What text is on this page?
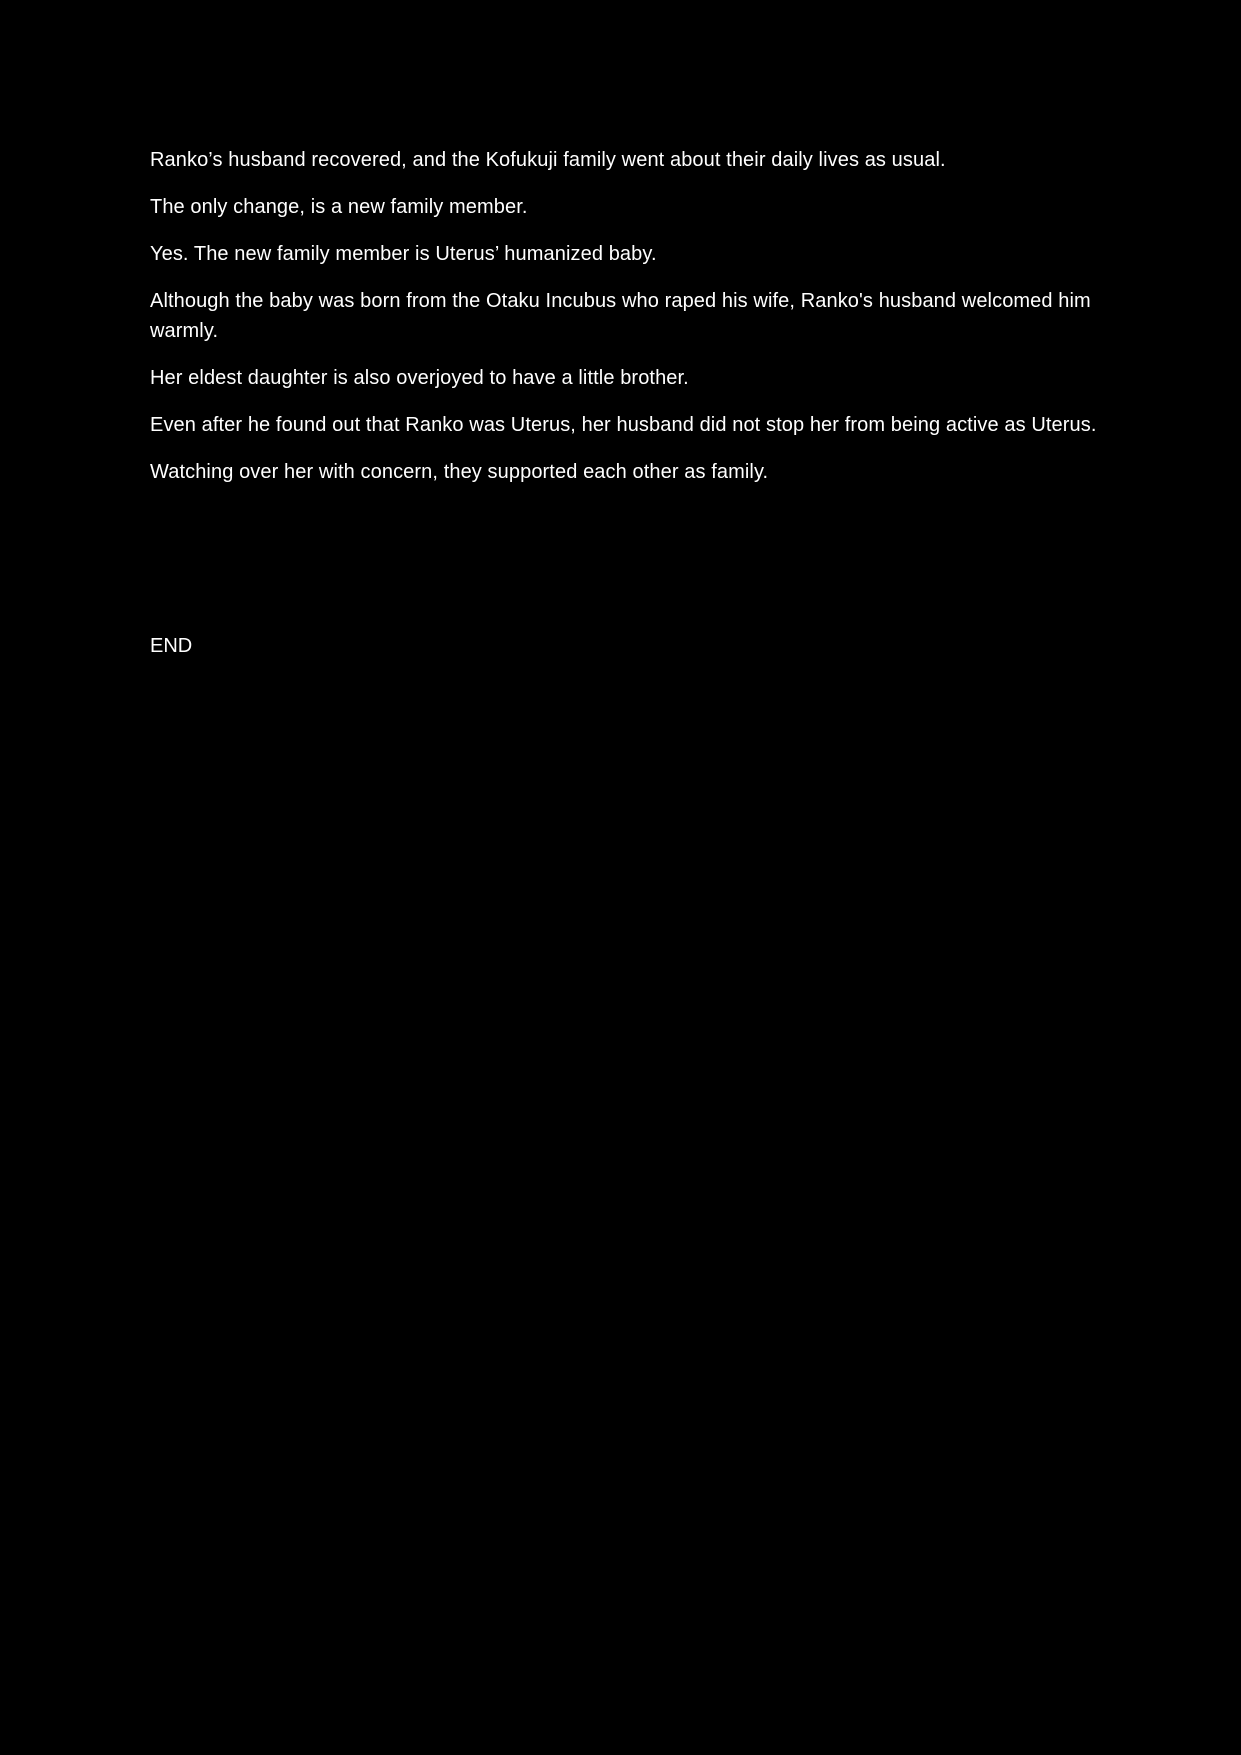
Ranko’s husband recovered, and the Kofukuji family went about their daily lives as usual.

The only change, is a new family member.

Yes. The new family member is Uterus’ humanized baby.

Although the baby was born from the Otaku Incubus who raped his wife, Ranko's husband welcomed him warmly.

Her eldest daughter is also overjoyed to have a little brother.

Even after he found out that Ranko was Uterus, her husband did not stop her from being active as Uterus.

Watching over her with concern, they supported each other as family.

END
